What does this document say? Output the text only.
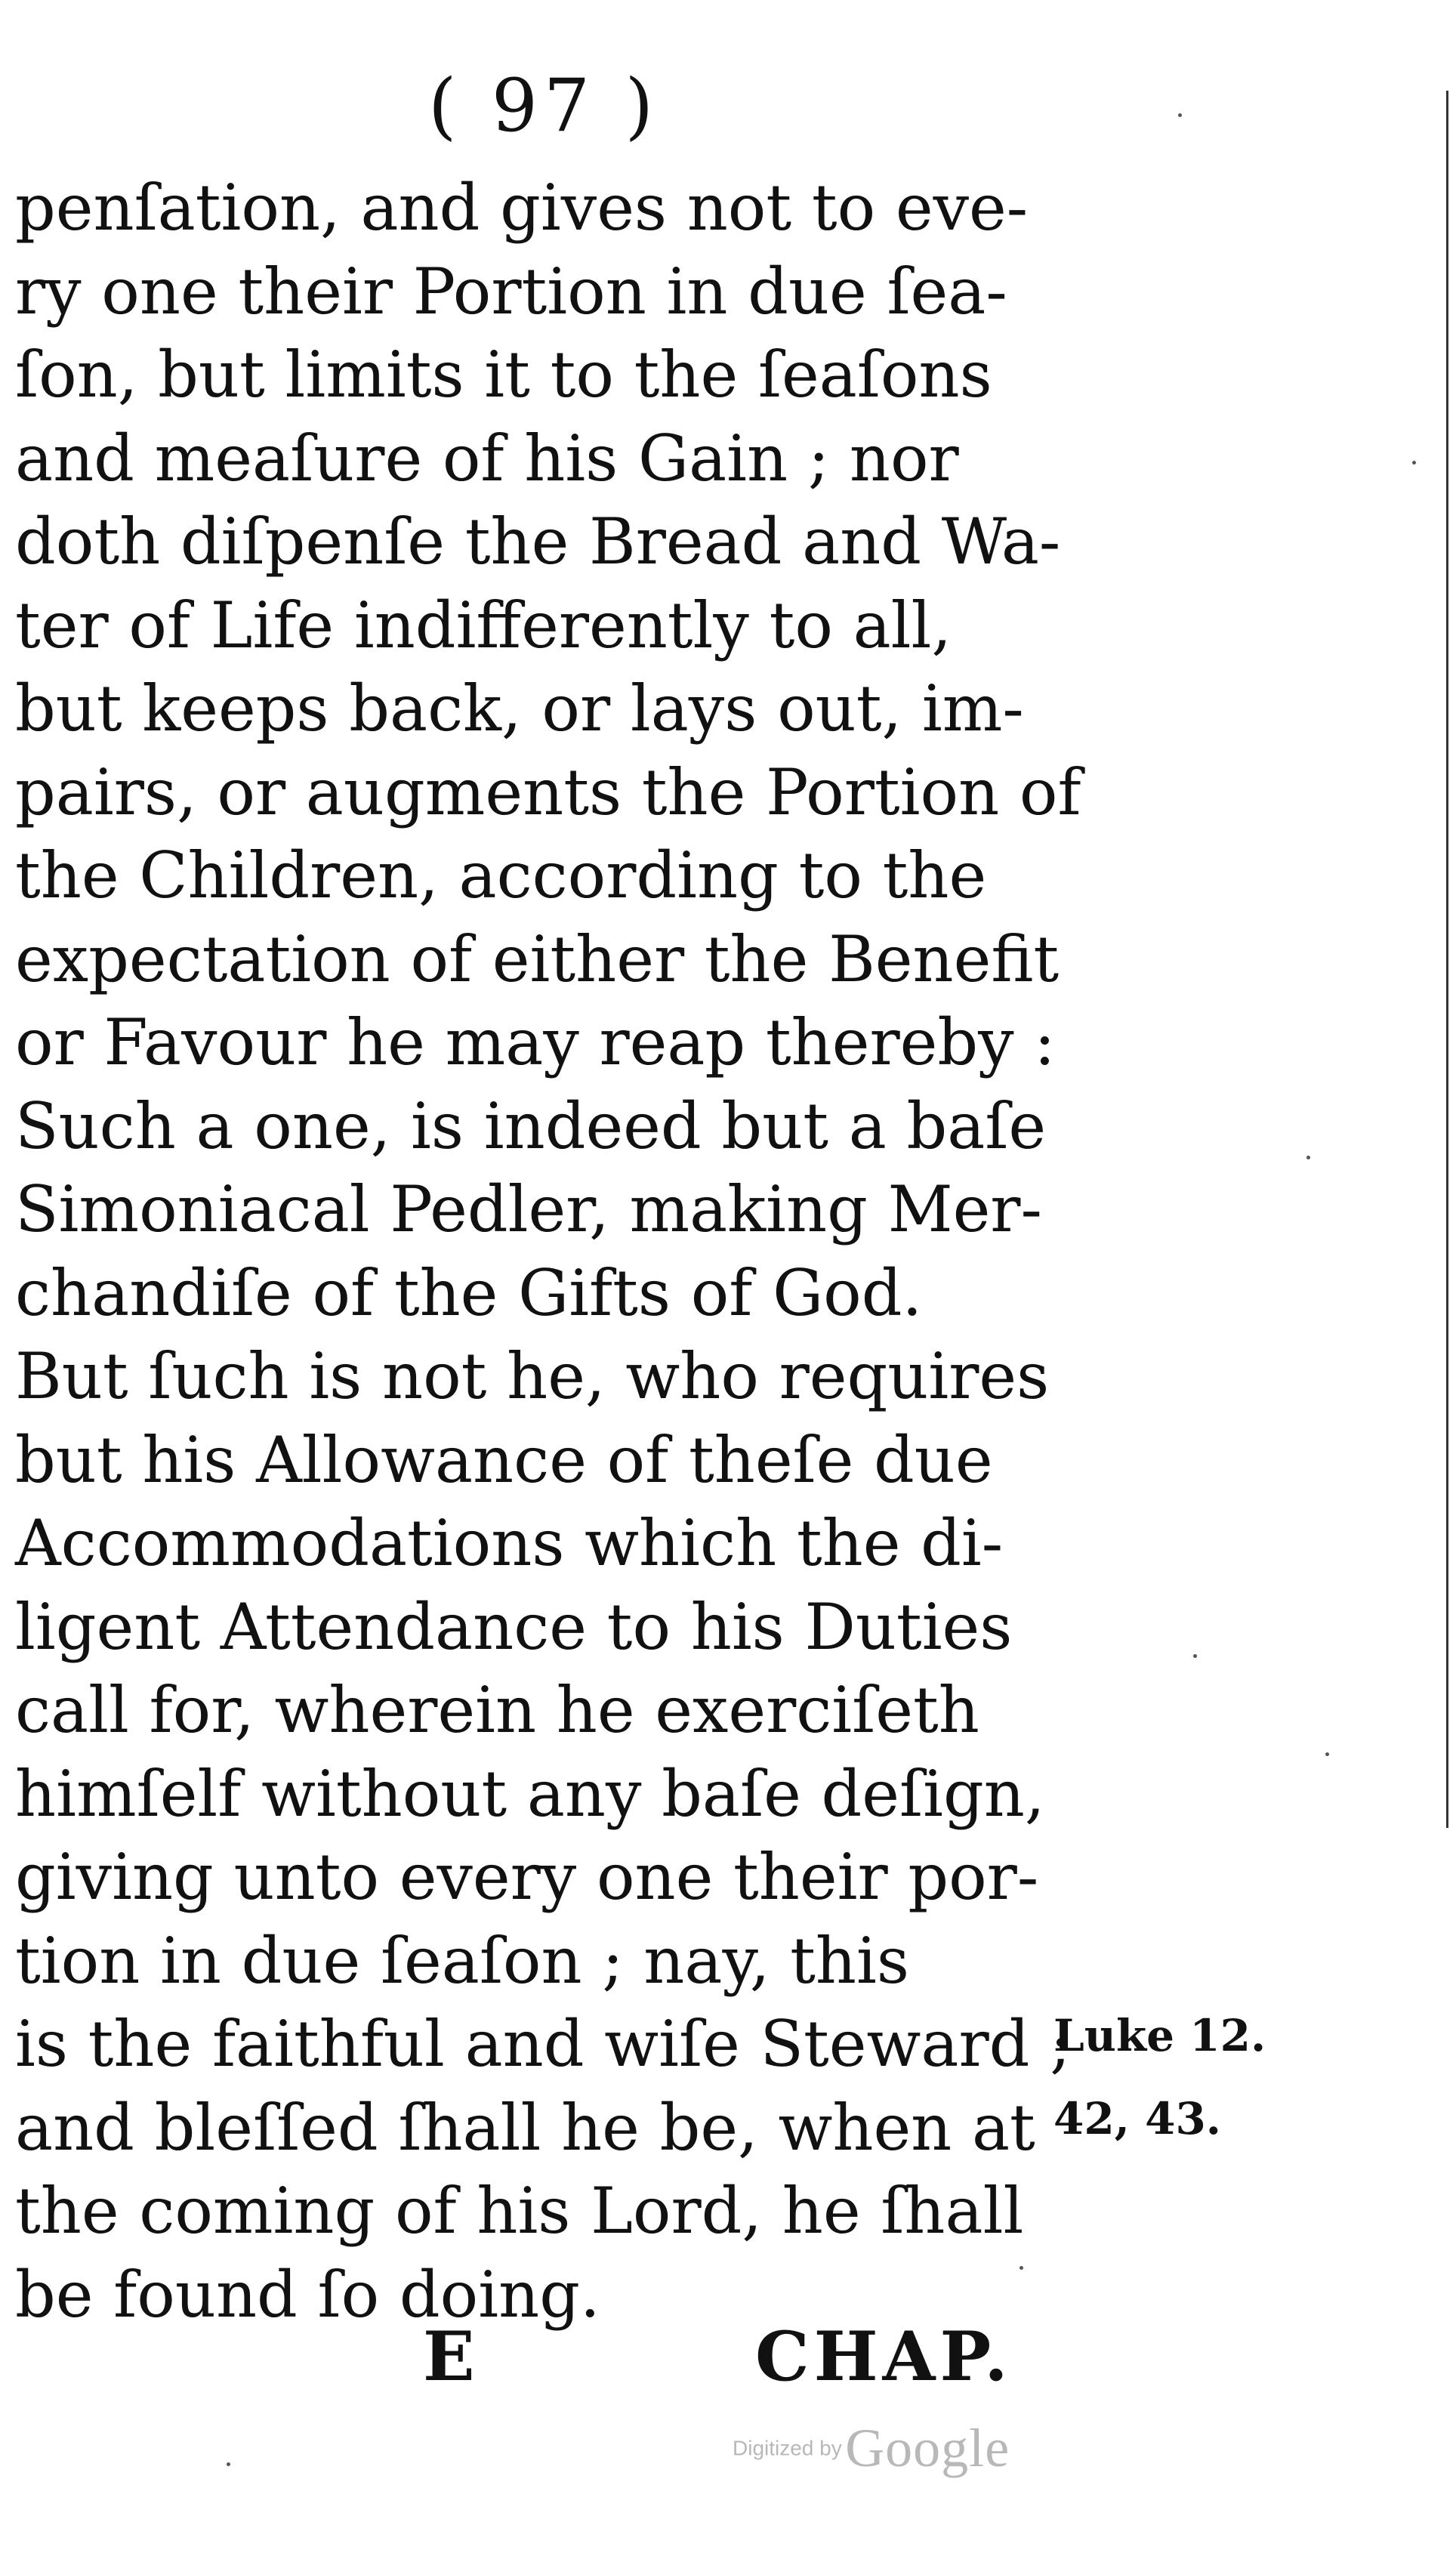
( 97 )
penſation, and gives not to eve-
ry one their Portion in due ſea-
ſon, but limits it to the ſeaſons
and meaſure of his Gain ; nor
doth diſpenſe the Bread and Wa-
ter of Life indifferently to all,
but keeps back, or lays out, im-
pairs, or augments the Portion of
the Children, according to the
expectation of either the Benefit
or Favour he may reap thereby :
Such a one, is indeed but a baſe
Simoniacal Pedler, making Mer-
chandiſe of the Gifts of God.
But ſuch is not he, who requires
but his Allowance of theſe due
Accommodations which the di-
ligent Attendance to his Duties
call for, wherein he exerciſeth
himſelf without any baſe deſign,
giving unto every one their por-
tion in due ſeaſon ; nay, this
is the faithful and wiſe Steward ;
and bleſſed ſhall he be, when at
the coming of his Lord, he ſhall
be found ſo doing.
Luke 12.
42, 43.
E	CHAP.
Digitized by Google
